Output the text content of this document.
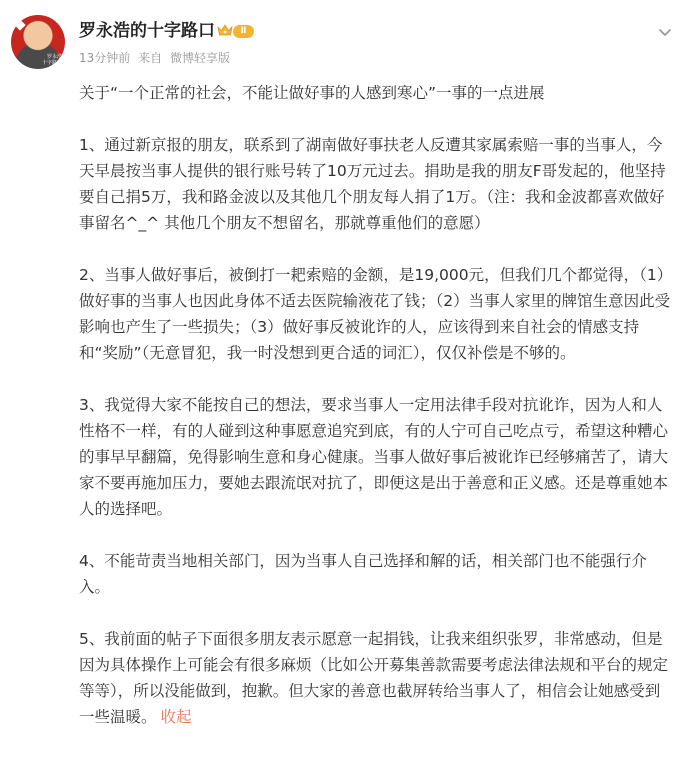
罗永浩
十字路口
罗永浩的十字路口	Ⅱ
13分钟前 来自 微博轻享版

关于“一个正常的社会，不能让做好事的人感到寒心”一事的一点进展

1、通过新京报的朋友，联系到了湖南做好事扶老人反遭其家属索赔一事的当事人，今天早晨按当事人提供的银行账号转了10万元过去。捐助是我的朋友F哥发起的，他坚持要自己捐5万，我和路金波以及其他几个朋友每人捐了1万。（注：我和金波都喜欢做好事留名^_^ 其他几个朋友不想留名，那就尊重他们的意愿）

2、当事人做好事后，被倒打一耙索赔的金额，是19,000元，但我们几个都觉得，（1）做好事的当事人也因此身体不适去医院输液花了钱；（2）当事人家里的牌馆生意因此受影响也产生了一些损失；（3）做好事反被讹诈的人，应该得到来自社会的情感支持和“奖励”（无意冒犯，我一时没想到更合适的词汇），仅仅补偿是不够的。

3、我觉得大家不能按自己的想法，要求当事人一定用法律手段对抗讹诈，因为人和人性格不一样，有的人碰到这种事愿意追究到底，有的人宁可自己吃点亏，希望这种糟心的事早早翻篇，免得影响生意和身心健康。当事人做好事后被讹诈已经够痛苦了，请大家不要再施加压力，要她去跟流氓对抗了，即便这是出于善意和正义感。还是尊重她本人的选择吧。

4、不能苛责当地相关部门，因为当事人自己选择和解的话，相关部门也不能强行介入。

5、我前面的帖子下面很多朋友表示愿意一起捐钱，让我来组织张罗，非常感动，但是因为具体操作上可能会有很多麻烦（比如公开募集善款需要考虑法律法规和平台的规定等等），所以没能做到，抱歉。但大家的善意也截屏转给当事人了，相信会让她感受到一些温暖。 收起
